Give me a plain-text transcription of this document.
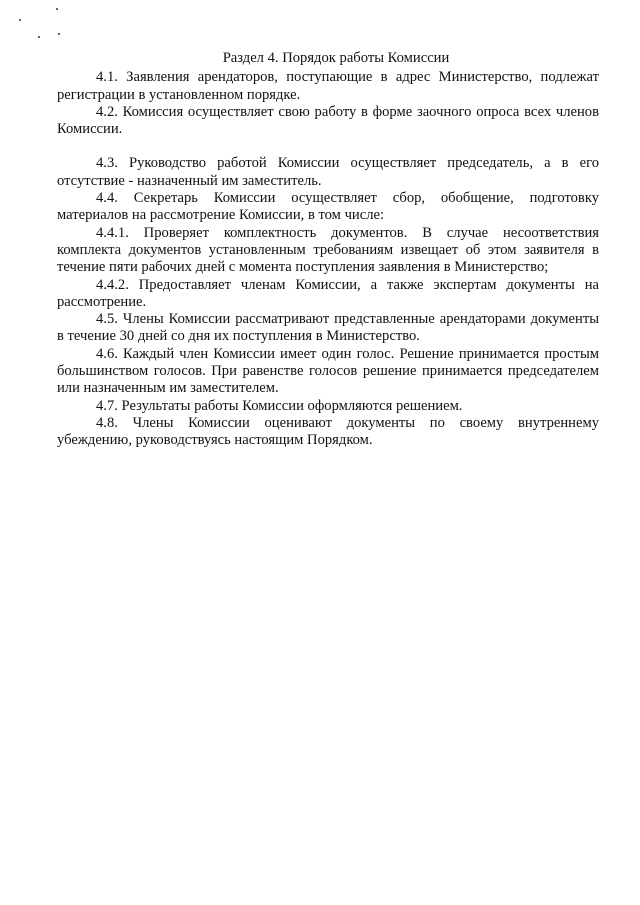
Раздел 4. Порядок работы Комиссии

4.1. Заявления арендаторов, поступающие в адрес Министерство, подлежат регистрации в установленном порядке.

4.2. Комиссия осуществляет свою работу в форме заочного опроса всех членов Комиссии.

4.3. Руководство работой Комиссии осуществляет председатель, а в его отсутствие - назначенный им заместитель.

4.4. Секретарь Комиссии осуществляет сбор, обобщение, подготовку материалов на рассмотрение Комиссии, в том числе:

4.4.1. Проверяет комплектность документов. В случае несоответствия комплекта документов установленным требованиям извещает об этом заявителя в течение пяти рабочих дней с момента поступления заявления в Министерство;

4.4.2. Предоставляет членам Комиссии, а также экспертам документы на рассмотрение.

4.5. Члены Комиссии рассматривают представленные арендаторами документы в течение 30 дней со дня их поступления в Министерство.

4.6. Каждый член Комиссии имеет один голос. Решение принимается простым большинством голосов. При равенстве голосов решение принимается председателем или назначенным им заместителем.

4.7. Результаты работы Комиссии оформляются решением.

4.8. Члены Комиссии оценивают документы по своему внутреннему убеждению, руководствуясь настоящим Порядком.
